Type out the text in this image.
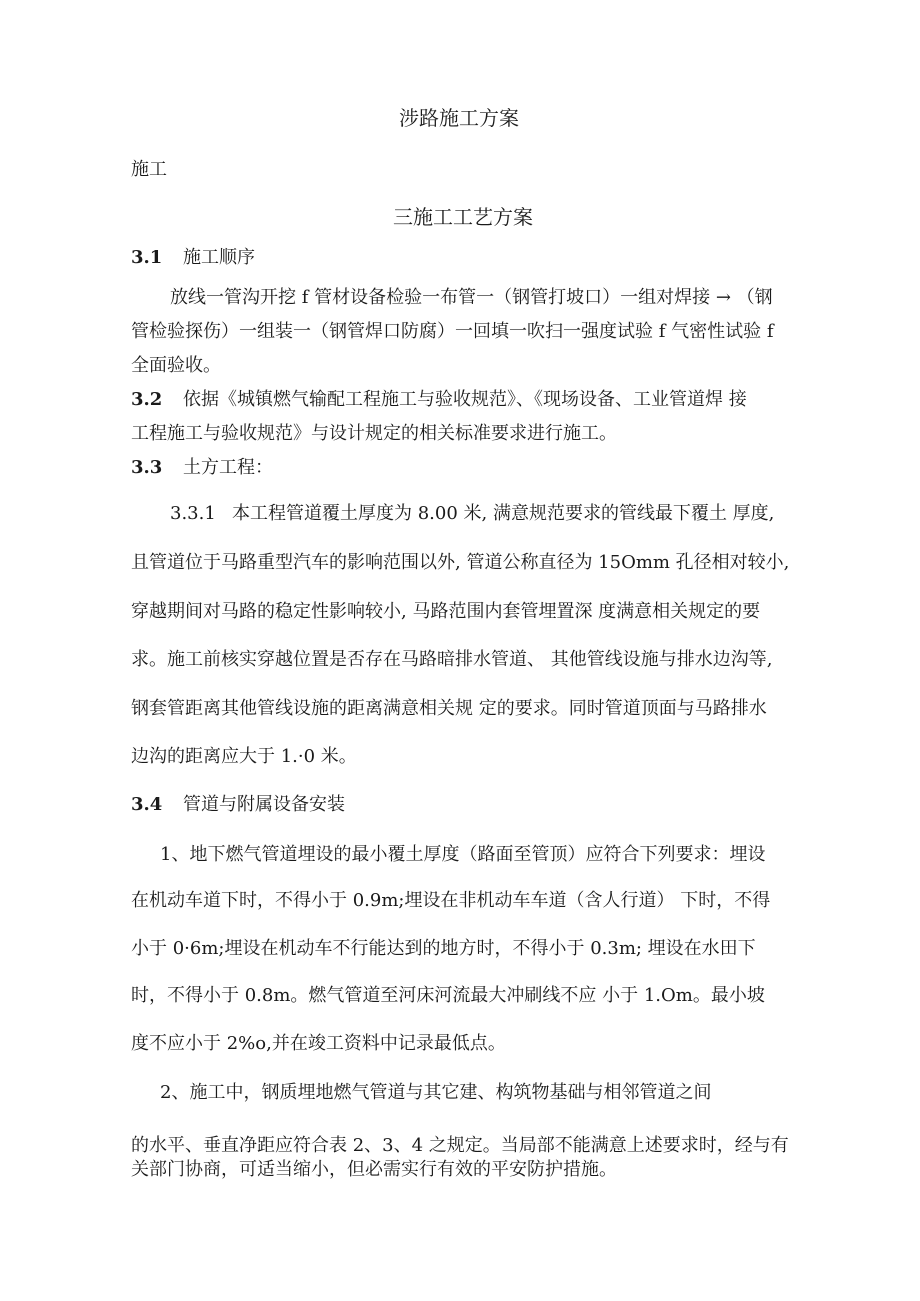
涉路施工方案

施工

三施工工艺方案

3.1 施工顺序

放线一管沟开挖 f 管材设备检验一布管一（钢管打坡口）一组对焊接 → （钢

管检验探伤）一组装一（钢管焊口防腐）一回填一吹扫一强度试验 f 气密性试验 f

全面验收。

3.2 依据《城镇燃气输配工程施工与验收规范》、《现场设备、工业管道焊 接

工程施工与验收规范》与设计规定的相关标准要求进行施工。

3.3 土方工程：

3.3.1 本工程管道覆土厚度为 8.00 米, 满意规范要求的管线最下覆土 厚度,

且管道位于马路重型汽车的影响范围以外, 管道公称直径为 15Omm 孔径相对较小,

穿越期间对马路的稳定性影响较小, 马路范围内套管埋置深 度满意相关规定的要

求。施工前核实穿越位置是否存在马路暗排水管道、 其他管线设施与排水边沟等,

钢套管距离其他管线设施的距离满意相关规 定的要求。同时管道顶面与马路排水

边沟的距离应大于 1.·0 米。

3.4 管道与附属设备安装

1、地下燃气管道埋设的最小覆土厚度（路面至管顶）应符合下列要求：埋设

在机动车道下时，不得小于 0.9m;埋设在非机动车车道（含人行道） 下时，不得

小于 0·6m;埋设在机动车不行能达到的地方时，不得小于 0.3m; 埋设在水田下

时，不得小于 0.8m。燃气管道至河床河流最大冲刷线不应 小于 1.Om。最小坡

度不应小于 2%o,并在竣工资料中记录最低点。

2、施工中，钢质埋地燃气管道与其它建、构筑物基础与相邻管道之间

的水平、垂直净距应符合表 2、3、4 之规定。当局部不能满意上述要求时，经与有

关部门协商，可适当缩小，但必需实行有效的平安防护措施。
